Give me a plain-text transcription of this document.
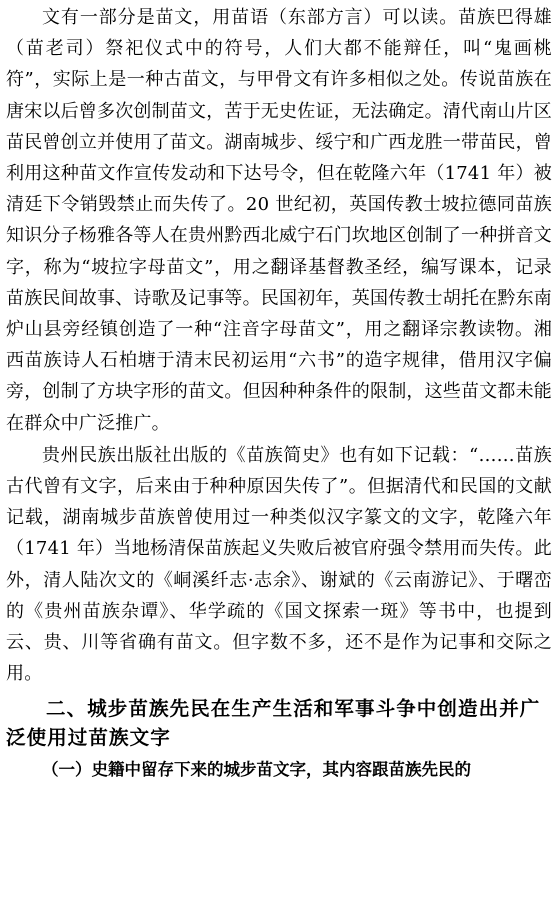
文有一部分是苗文，用苗语（东部方言）可以读。苗族巴得雄（苗老司）祭祀仪式中的符号，人们大都不能辩任，叫“鬼画桃符”，实际上是一种古苗文，与甲骨文有许多相似之处。传说苗族在唐宋以后曾多次创制苗文，苦于无史佐证，无法确定。清代南山片区苗民曾创立并使用了苗文。湖南城步、绥宁和广西龙胜一带苗民，曾利用这种苗文作宣传发动和下达号令，但在乾隆六年（1741 年）被清廷下令销毁禁止而失传了。20 世纪初，英国传教士坡拉德同苗族知识分子杨雅各等人在贵州黔西北威宁石门坎地区创制了一种拼音文字，称为“坡拉字母苗文”，用之翻译基督教圣经，编写课本，记录苗族民间故事、诗歌及记事等。民国初年，英国传教士胡托在黔东南炉山县旁经镇创造了一种“注音字母苗文”，用之翻译宗教读物。湘西苗族诗人石柏塘于清末民初运用“六书”的造字规律，借用汉字偏旁，创制了方块字形的苗文。但因种种条件的限制，这些苗文都未能在群众中广泛推广。

贵州民族出版社出版的《苗族简史》也有如下记载：“……苗族古代曾有文字，后来由于种种原因失传了”。但据清代和民国的文献记载，湖南城步苗族曾使用过一种类似汉字篆文的文字，乾隆六年（1741 年）当地杨清保苗族起义失败后被官府强令禁用而失传。此外，清人陆次文的《峒溪纤志·志余》、谢斌的《云南游记》、于曙峦的《贵州苗族杂谭》、华学疏的《国文探索一斑》等书中，也提到云、贵、川等省确有苗文。但字数不多，还不是作为记事和交际之用。

二、城步苗族先民在生产生活和军事斗争中创造出并广泛使用过苗族文字

（一）史籍中留存下来的城步苗文字，其内容跟苗族先民的
